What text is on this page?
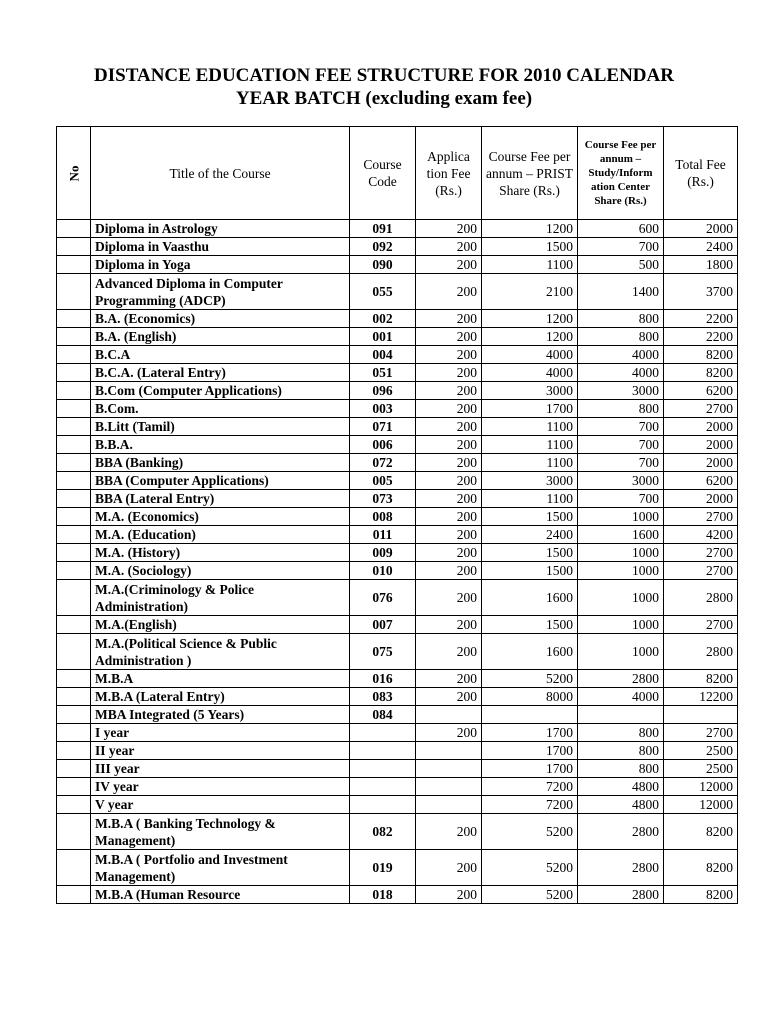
DISTANCE EDUCATION FEE STRUCTURE FOR 2010 CALENDAR
YEAR BATCH (excluding exam fee)
No	Title of the Course	Course Code	Applica tion Fee (Rs.)	Course Fee per annum – PRIST Share (Rs.)	Course Fee per annum – Study/Inform ation Center Share (Rs.)	Total Fee (Rs.)
	Diploma in Astrology	091	200	1200	600	2000
	Diploma in Vaasthu	092	200	1500	700	2400
	Diploma in Yoga	090	200	1100	500	1800
	Advanced Diploma in Computer Programming (ADCP)	055	200	2100	1400	3700
	B.A. (Economics)	002	200	1200	800	2200
	B.A. (English)	001	200	1200	800	2200
	B.C.A	004	200	4000	4000	8200
	B.C.A. (Lateral Entry)	051	200	4000	4000	8200
	B.Com (Computer Applications)	096	200	3000	3000	6200
	B.Com.	003	200	1700	800	2700
	B.Litt (Tamil)	071	200	1100	700	2000
	B.B.A.	006	200	1100	700	2000
	BBA (Banking)	072	200	1100	700	2000
	BBA (Computer Applications)	005	200	3000	3000	6200
	BBA (Lateral Entry)	073	200	1100	700	2000
	M.A. (Economics)	008	200	1500	1000	2700
	M.A. (Education)	011	200	2400	1600	4200
	M.A. (History)	009	200	1500	1000	2700
	M.A. (Sociology)	010	200	1500	1000	2700
	M.A.(Criminology & Police Administration)	076	200	1600	1000	2800
	M.A.(English)	007	200	1500	1000	2700
	M.A.(Political Science & Public Administration )	075	200	1600	1000	2800
	M.B.A	016	200	5200	2800	8200
	M.B.A (Lateral Entry)	083	200	8000	4000	12200
	MBA Integrated (5 Years)	084				
	I year		200	1700	800	2700
	II year			1700	800	2500
	III year			1700	800	2500
	IV year			7200	4800	12000
	V year			7200	4800	12000
	M.B.A ( Banking Technology & Management)	082	200	5200	2800	8200
	M.B.A ( Portfolio and Investment Management)	019	200	5200	2800	8200
	M.B.A (Human Resource	018	200	5200	2800	8200
